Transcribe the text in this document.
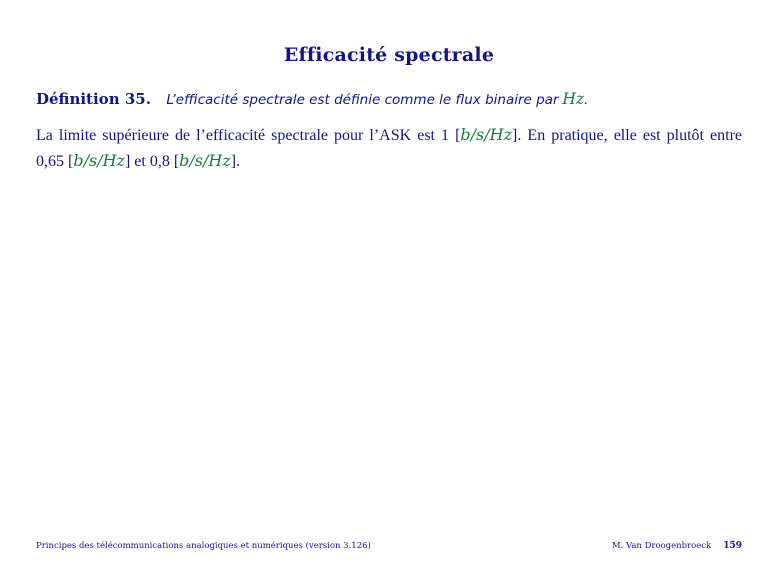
Efficacité spectrale
Définition 35. L’efficacité spectrale est définie comme le flux binaire par Hz.
La limite supérieure de l’efficacité spectrale pour l’ASK est 1 [b/s/Hz]. En pratique, elle est plutôt entre 0,65 [b/s/Hz] et 0,8 [b/s/Hz].
Principes des télécommunications analogiques et numériques (version 3.126)	M. Van Droogenbroeck 159
